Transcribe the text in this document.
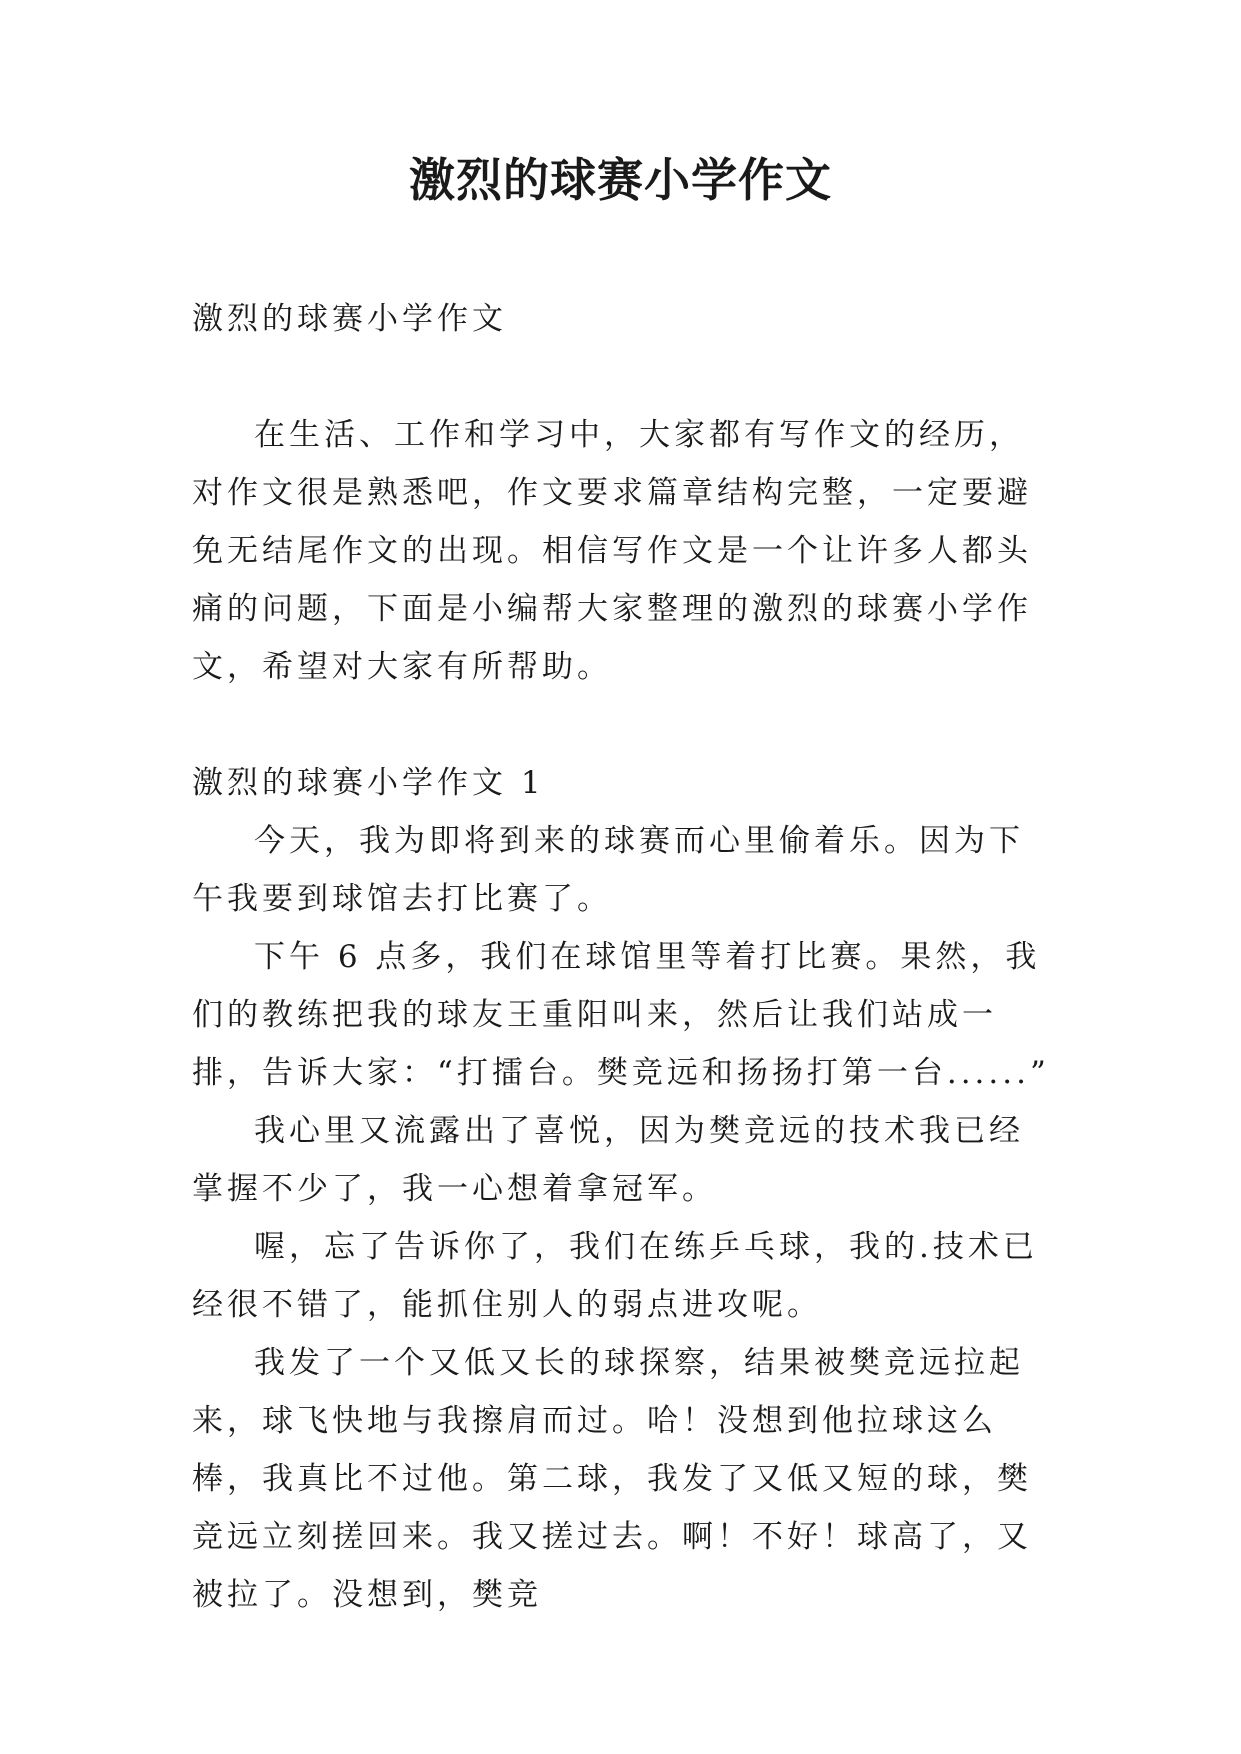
激烈的球赛小学作文

激烈的球赛小学作文

在生活、工作和学习中，大家都有写作文的经历，对作文很是熟悉吧，作文要求篇章结构完整，一定要避免无结尾作文的出现。相信写作文是一个让许多人都头痛的问题，下面是小编帮大家整理的激烈的球赛小学作文，希望对大家有所帮助。

激烈的球赛小学作文 1

今天，我为即将到来的球赛而心里偷着乐。因为下午我要到球馆去打比赛了。

下午 6 点多，我们在球馆里等着打比赛。果然，我们的教练把我的球友王重阳叫来，然后让我们站成一排，告诉大家：“打擂台。樊竞远和扬扬打第一台......”

我心里又流露出了喜悦，因为樊竞远的技术我已经掌握不少了，我一心想着拿冠军。

喔，忘了告诉你了，我们在练乒乓球，我的.技术已经很不错了，能抓住别人的弱点进攻呢。

我发了一个又低又长的球探察，结果被樊竞远拉起来，球飞快地与我擦肩而过。哈！没想到他拉球这么棒，我真比不过他。第二球，我发了又低又短的球，樊竞远立刻搓回来。我又搓过去。啊！不好！球高了，又被拉了。没想到，樊竞
